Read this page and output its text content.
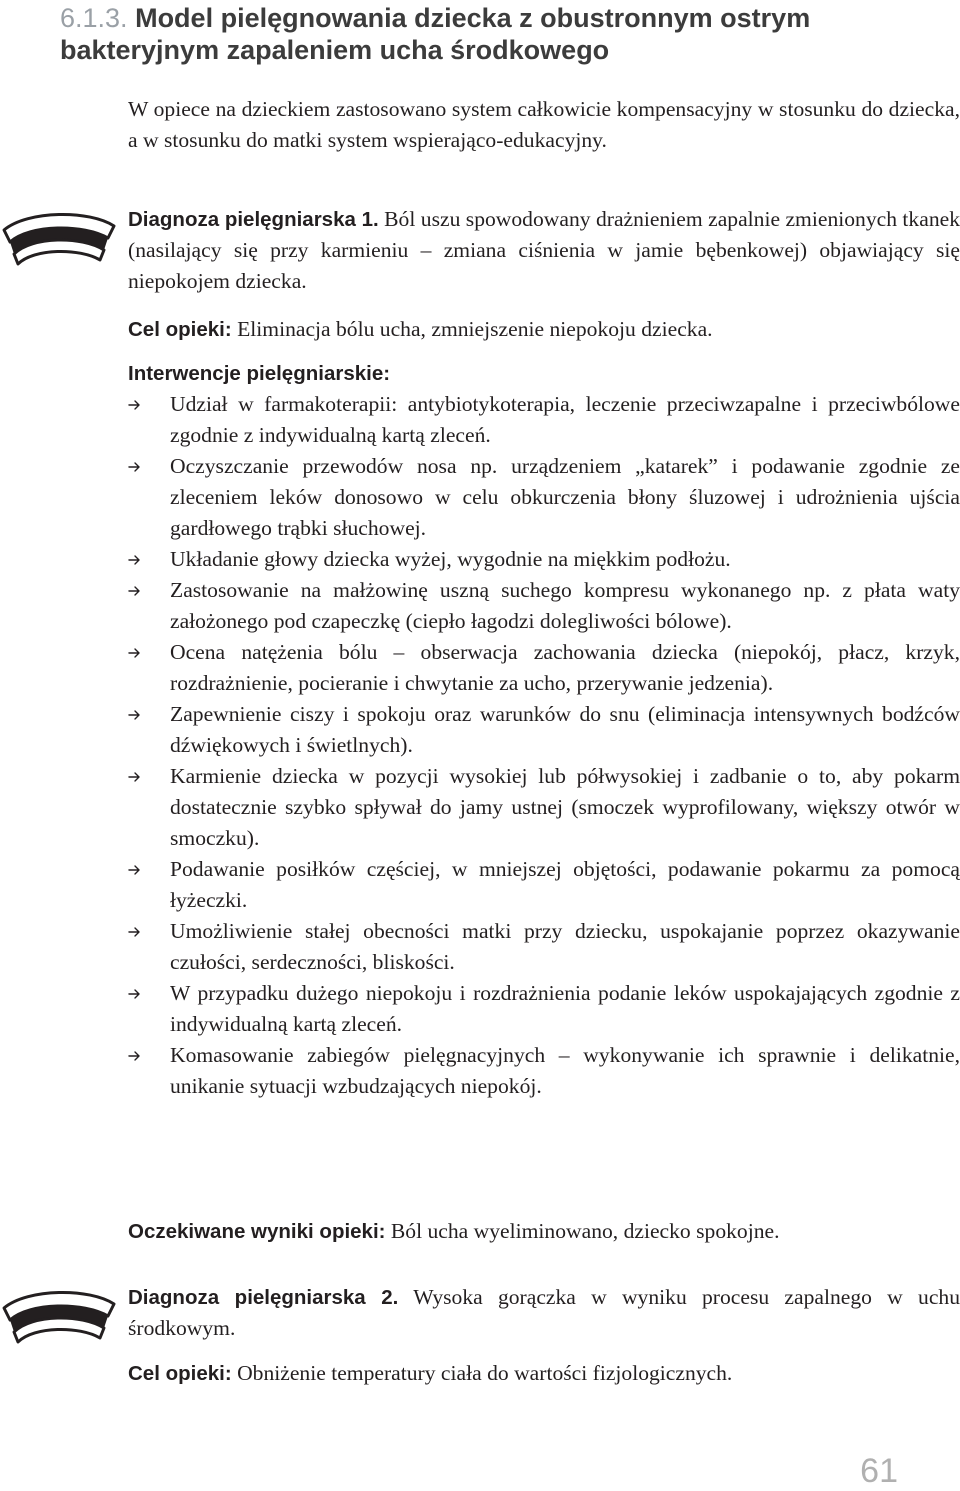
6.1.3. Model pielęgnowania dziecka z obustronnym ostrym
bakteryjnym zapaleniem ucha środkowego

W opiece na dzieckiem zastosowano system całkowicie kompensacyjny w stosunku do dziecka, a w stosunku do matki system wspierająco-edukacyjny.

Diagnoza pielęgniarska 1. Ból uszu spowodowany drażnieniem zapalnie zmienionych tkanek (nasilający się przy karmieniu – zmiana ciśnienia w jamie bębenkowej) objawiający się niepokojem dziecka.

Cel opieki: Eliminacja bólu ucha, zmniejszenie niepokoju dziecka.

Interwencje pielęgniarskie:

Udział w farmakoterapii: antybiotykoterapia, leczenie przeciwzapalne i przeciwbólowe zgodnie z indywidualną kartą zleceń.
Oczyszczanie przewodów nosa np. urządzeniem „katarek” i podawanie zgodnie ze zleceniem leków donosowo w celu obkurczenia błony śluzowej i udrożnienia ujścia gardłowego trąbki słuchowej.
Układanie głowy dziecka wyżej, wygodnie na miękkim podłożu.
Zastosowanie na małżowinę uszną suchego kompresu wykonanego np. z płata waty założonego pod czapeczkę (ciepło łagodzi dolegliwości bólowe).
Ocena natężenia bólu – obserwacja zachowania dziecka (niepokój, płacz, krzyk, rozdrażnienie, pocieranie i chwytanie za ucho, przerywanie jedzenia).
Zapewnienie ciszy i spokoju oraz warunków do snu (eliminacja intensywnych bodźców dźwiękowych i świetlnych).
Karmienie dziecka w pozycji wysokiej lub półwysokiej i zadbanie o to, aby pokarm dostatecznie szybko spływał do jamy ustnej (smoczek wyprofilowany, większy otwór w smoczku).
Podawanie posiłków częściej, w mniejszej objętości, podawanie pokarmu za pomocą łyżeczki.
Umożliwienie stałej obecności matki przy dziecku, uspokajanie poprzez okazywanie czułości, serdeczności, bliskości.
W przypadku dużego niepokoju i rozdrażnienia podanie leków uspokajających zgodnie z indywidualną kartą zleceń.
Komasowanie zabiegów pielęgnacyjnych – wykonywanie ich sprawnie i delikatnie, unikanie sytuacji wzbudzających niepokój.

Oczekiwane wyniki opieki: Ból ucha wyeliminowano, dziecko spokojne.

Diagnoza pielęgniarska 2. Wysoka gorączka w wyniku procesu zapalnego w uchu środkowym.

Cel opieki: Obniżenie temperatury ciała do wartości fizjologicznych.

61
